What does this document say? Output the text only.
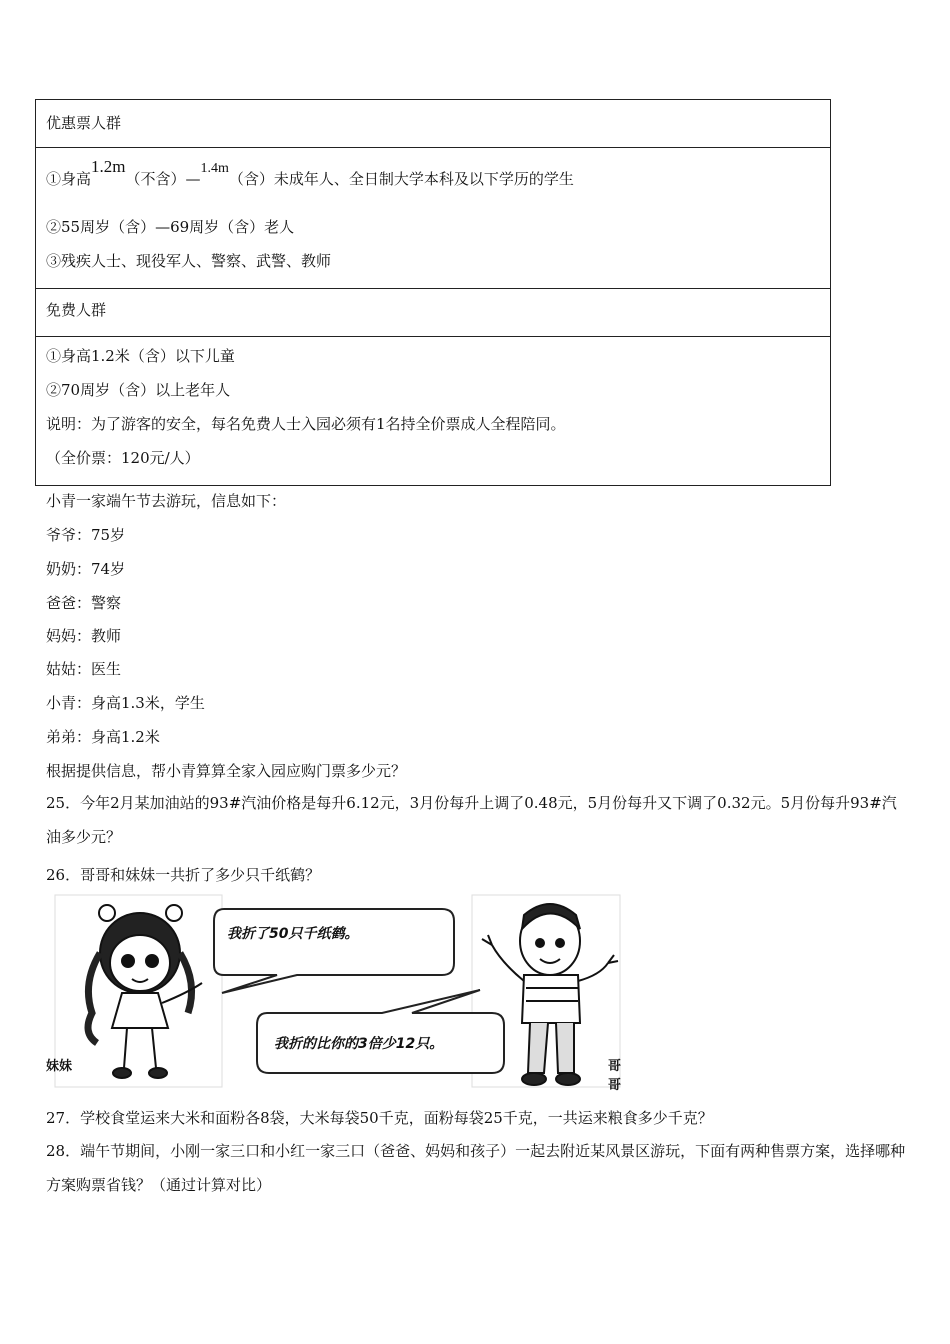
优惠票人群
①身高1.2m（不含）—1.4m（含）未成年人、全日制大学本科及以下学历的学生
②55周岁（含）—69周岁（含）老人
③残疾人士、现役军人、警察、武警、教师
免费人群
①身高1.2米（含）以下儿童
②70周岁（含）以上老年人
说明：为了游客的安全，每名免费人士入园必须有1名持全价票成人全程陪同。
（全价票：120元/人）
小青一家端午节去游玩，信息如下：
爷爷：75岁
奶奶：74岁
爸爸：警察
妈妈：教师
姑姑：医生
小青：身高1.3米，学生
弟弟：身高1.2米
根据提供信息，帮小青算算全家入园应购门票多少元？
25．今年2月某加油站的93#汽油价格是每升6.12元，3月份每升上调了0.48元，5月份每升又下调了0.32元。5月份每升93#汽油多少元？
26．哥哥和妹妹一共折了多少只千纸鹤？
我折了50只千纸鹤。
我折的比你的3倍少12只。
妹妹	哥哥
27．学校食堂运来大米和面粉各8袋，大米每袋50千克，面粉每袋25千克，一共运来粮食多少千克？
28．端午节期间，小刚一家三口和小红一家三口（爸爸、妈妈和孩子）一起去附近某风景区游玩，下面有两种售票方案，选择哪种方案购票省钱？（通过计算对比）
